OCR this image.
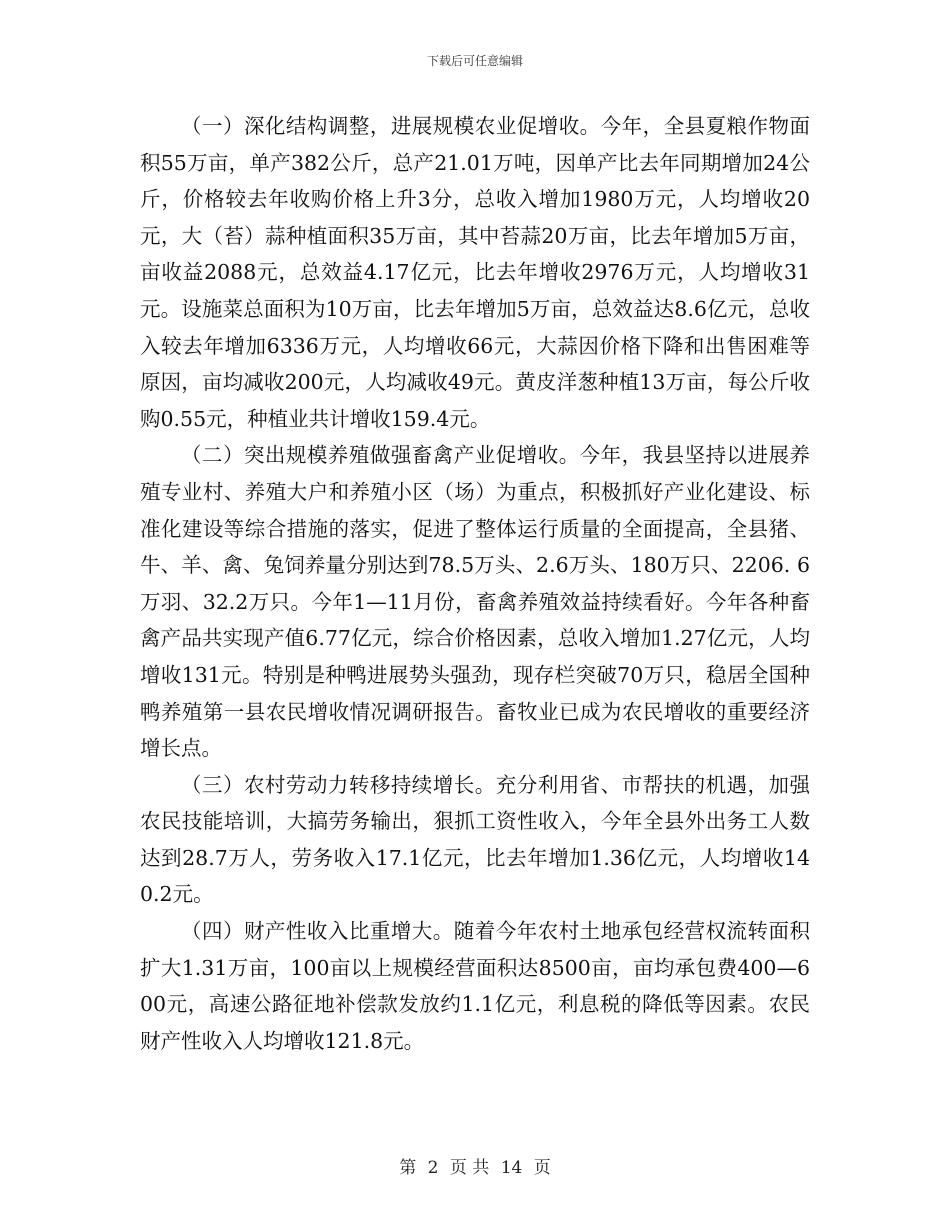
下载后可任意编辑

（一）深化结构调整，进展规模农业促增收。今年，全县夏粮作物面积55万亩，单产382公斤，总产21.01万吨，因单产比去年同期增加24公斤，价格较去年收购价格上升3分，总收入增加1980万元，人均增收20元，大（苔）蒜种植面积35万亩，其中苔蒜20万亩，比去年增加5万亩，亩收益2088元，总效益4.17亿元，比去年增收2976万元，人均增收31元。设施菜总面积为10万亩，比去年增加5万亩，总效益达8.6亿元，总收入较去年增加6336万元，人均增收66元，大蒜因价格下降和出售困难等原因，亩均减收200元，人均减收49元。黄皮洋葱种植13万亩，每公斤收购0.55元，种植业共计增收159.4元。

（二）突出规模养殖做强畜禽产业促增收。今年，我县坚持以进展养殖专业村、养殖大户和养殖小区（场）为重点，积极抓好产业化建设、标准化建设等综合措施的落实，促进了整体运行质量的全面提高，全县猪、牛、羊、禽、兔饲养量分别达到78.5万头、2.6万头、180万只、2206. 6万羽、32.2万只。今年1—11月份，畜禽养殖效益持续看好。今年各种畜禽产品共实现产值6.77亿元，综合价格因素，总收入增加1.27亿元，人均增收131元。特别是种鸭进展势头强劲，现存栏突破70万只，稳居全国种鸭养殖第一县农民增收情况调研报告。畜牧业已成为农民增收的重要经济增长点。

（三）农村劳动力转移持续增长。充分利用省、市帮扶的机遇，加强农民技能培训，大搞劳务输出，狠抓工资性收入，今年全县外出务工人数达到28.7万人，劳务收入17.1亿元，比去年增加1.36亿元，人均增收140.2元。

（四）财产性收入比重增大。随着今年农村土地承包经营权流转面积扩大1.31万亩，100亩以上规模经营面积达8500亩，亩均承包费400—600元，高速公路征地补偿款发放约1.1亿元，利息税的降低等因素。农民财产性收入人均增收121.8元。

第 2 页 共 14 页
